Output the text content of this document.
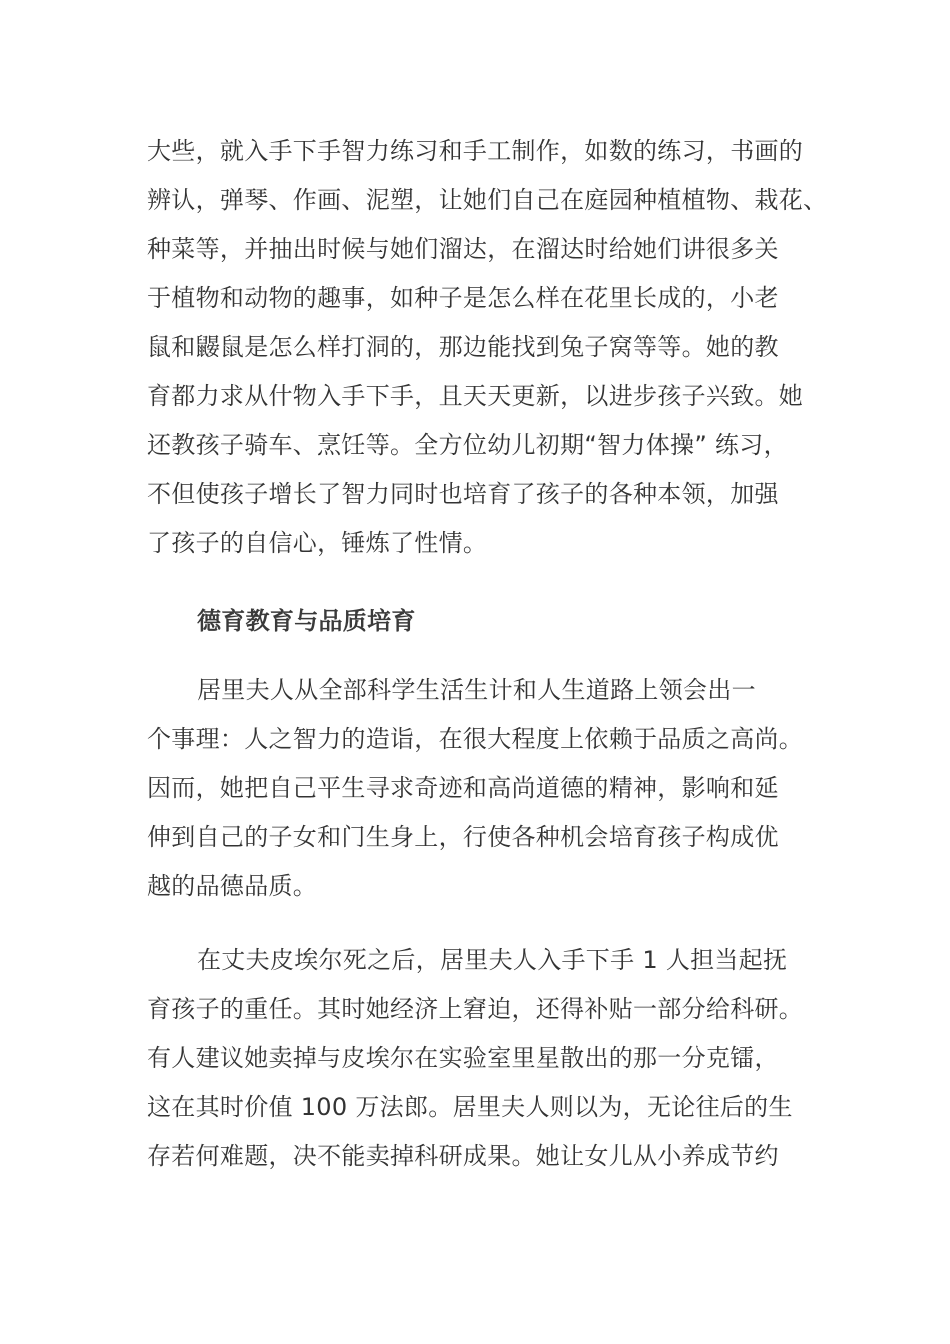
大些，就入手下手智力练习和手工制作，如数的练习，书画的
辨认，弹琴、作画、泥塑，让她们自己在庭园种植植物、栽花、
种菜等，并抽出时候与她们溜达，在溜达时给她们讲很多关
于植物和动物的趣事，如种子是怎么样在花里长成的，小老
鼠和鼹鼠是怎么样打洞的，那边能找到兔子窝等等。她的教
育都力求从什物入手下手，且天天更新，以进步孩子兴致。她
还教孩子骑车、烹饪等。全方位幼儿初期“智力体操” 练习，
不但使孩子增长了智力同时也培育了孩子的各种本领，加强
了孩子的自信心，锤炼了性情。
德育教育与品质培育
居里夫人从全部科学生活生计和人生道路上领会出一
个事理：人之智力的造诣，在很大程度上依赖于品质之高尚。
因而，她把自己平生寻求奇迹和高尚道德的精神，影响和延
伸到自己的子女和门生身上，行使各种机会培育孩子构成优
越的品德品质。
在丈夫皮埃尔死之后，居里夫人入手下手 1 人担当起抚
育孩子的重任。其时她经济上窘迫，还得补贴一部分给科研。
有人建议她卖掉与皮埃尔在实验室里星散出的那一分克镭，
这在其时价值 100 万法郎。居里夫人则以为，无论往后的生
存若何难题，决不能卖掉科研成果。她让女儿从小养成节约
